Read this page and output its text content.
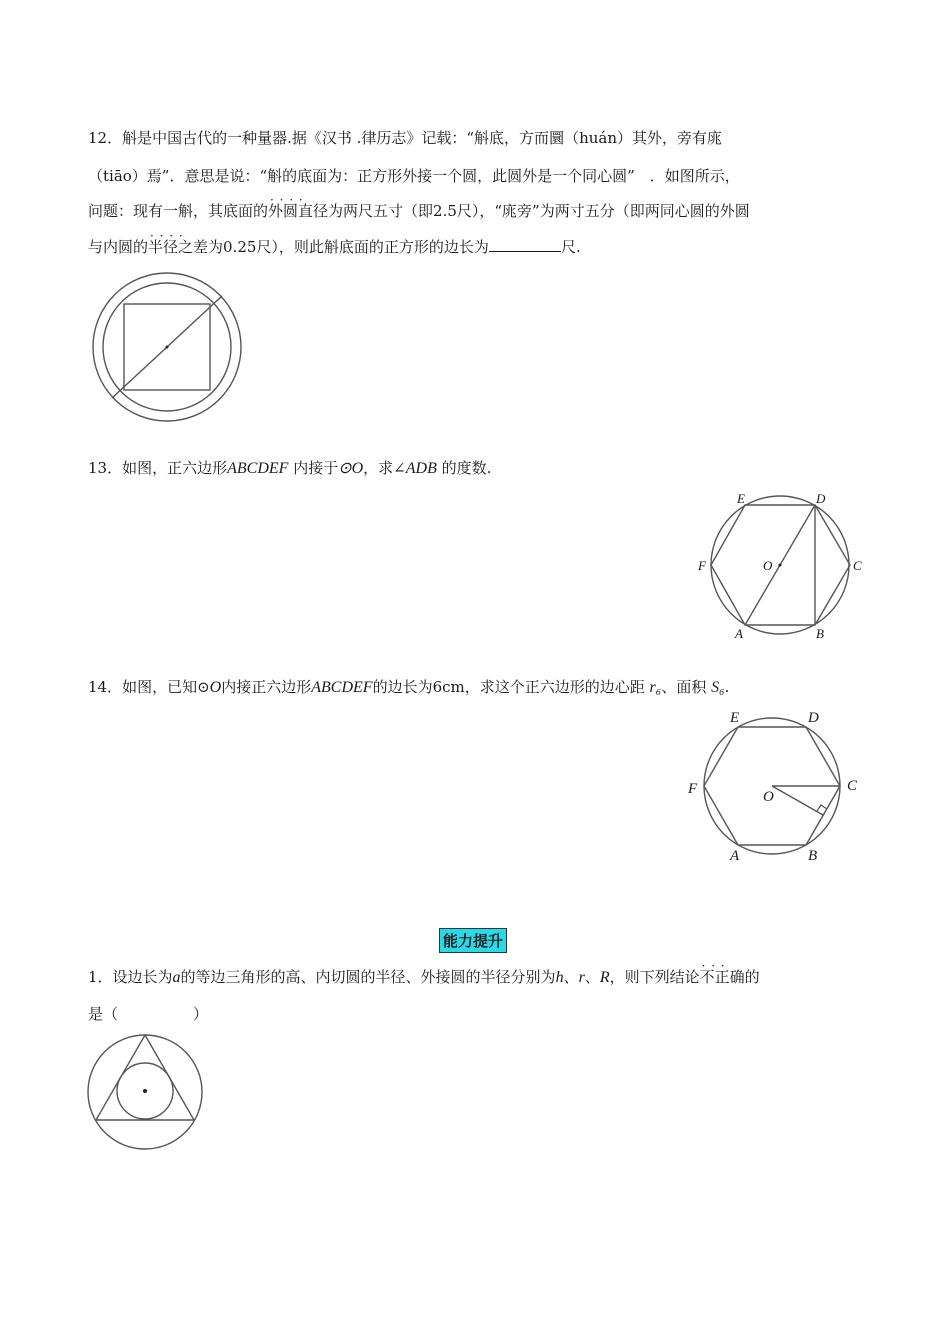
12．斛是中国古代的一种量器.据《汉书 .律历志》记载：“斛底，方而圜（huán）其外，旁有庣
（tiāo）焉”．意思是说：“斛的底面为：正方形外接一个圆，此圆外是一个同心圆”　．如图所示，
问题：现有一斛，其底面的· · 外圆直径为两尺五寸（即2.5尺），“庣旁”为两寸五分（即两同心圆的外圆
与内圆的· · 半径之差为0.25尺），则此斛底面的正方形的边长为	尺.
13．如图，正六边形ABCDEF 内接于⊙O，求∠ADB 的度数.
E	D
F	C
O
A	B
14．如图，已知⊙O内接正六边形ABCDEF的边长为6cm，求这个正六边形的边心距 r₆、面积 S₆.
E	D
F	C
O
A	B
能力提升
1．设边长为a的等边三角形的高、内切圆的半径、外接圆的半径分别为h、r、R，则下列结论· · · 不正确的
是（　　　　　）
